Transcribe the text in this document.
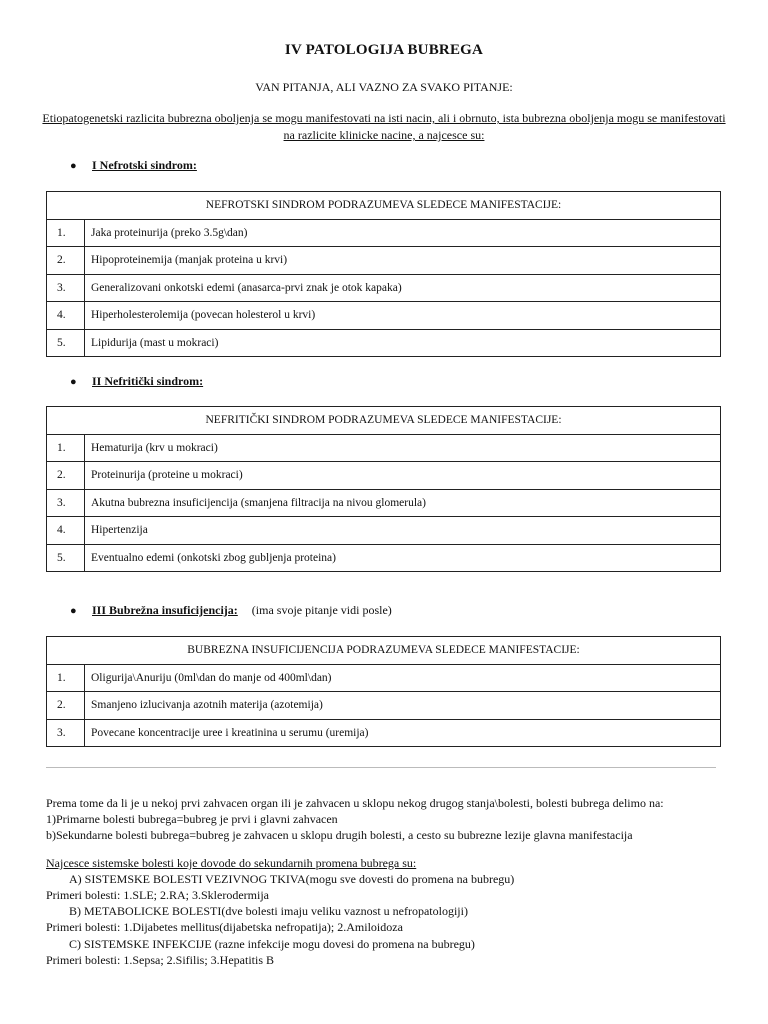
IV PATOLOGIJA BUBREGA
VAN PITANJA, ALI VAZNO ZA SVAKO PITANJE:
Etiopatogenetski razlicita bubrezna oboljenja se mogu manifestovati na isti nacin, ali i obrnuto, ista bubrezna oboljenja mogu se manifestovati na razlicite klinicke nacine, a najcesce su:
● I Nefrotski sindrom:
NEFROTSKI SINDROM PODRAZUMEVA SLEDECE MANIFESTACIJE:	
1.	Jaka proteinurija (preko 3.5g\dan)
2.	Hipoproteinemija (manjak proteina u krvi)
3.	Generalizovani onkotski edemi (anasarca-prvi znak je otok kapaka)
4.	Hiperholesterolemija (povecan holesterol u krvi)
5.	Lipidurija (mast u mokraci)
● II Nefritički sindrom:
NEFRITIČKI SINDROM PODRAZUMEVA SLEDECE MANIFESTACIJE:	
1.	Hematurija (krv u mokraci)
2.	Proteinurija (proteine u mokraci)
3.	Akutna bubrezna insuficijencija (smanjena filtracija na nivou glomerula)
4.	Hipertenzija
5.	Eventualno edemi (onkotski zbog gubljenja proteina)
● III Bubrežna insuficijencija: (ima svoje pitanje vidi posle)
BUBREZNA INSUFICIJENCIJA PODRAZUMEVA SLEDECE MANIFESTACIJE:	
1.	Oligurija\Anuriju (0ml\dan do manje od 400ml\dan)
2.	Smanjeno izlucivanja azotnih materija (azotemija)
3.	Povecane koncentracije uree i kreatinina u serumu (uremija)

Prema tome da li je u nekoj prvi zahvacen organ ili je zahvacen u sklopu nekog drugog stanja\bolesti, bolesti bubrega delimo na:

1)Primarne bolesti bubrega=bubreg je prvi i glavni zahvacen

b)Sekundarne bolesti bubrega=bubreg je zahvacen u sklopu drugih bolesti, a cesto su bubrezne lezije glavna manifestacija

Najcesce sistemske bolesti koje dovode do sekundarnih promena bubrega su:

A) SISTEMSKE BOLESTI VEZIVNOG TKIVA(mogu sve dovesti do promena na bubregu)

Primeri bolesti: 1.SLE; 2.RA; 3.Sklerodermija

B) METABOLICKE BOLESTI(dve bolesti imaju veliku vaznost u nefropatologiji)

Primeri bolesti: 1.Dijabetes mellitus(dijabetska nefropatija); 2.Amiloidoza

C) SISTEMSKE INFEKCIJE (razne infekcije mogu dovesi do promena na bubregu)

Primeri bolesti: 1.Sepsa; 2.Sifilis; 3.Hepatitis B
